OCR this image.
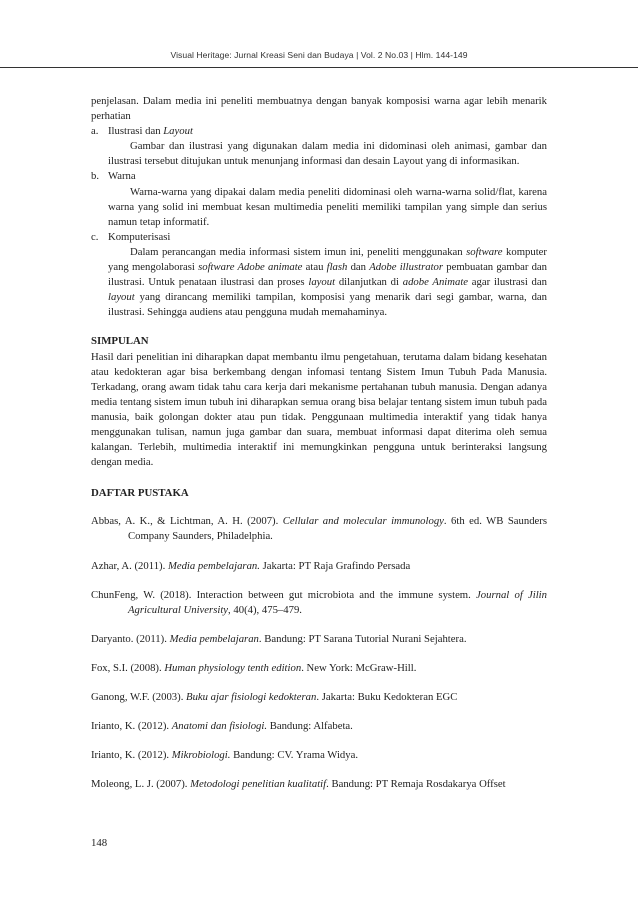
Visual Heritage: Jurnal Kreasi Seni dan Budaya | Vol. 2 No.03 | Hlm. 144-149

penjelasan. Dalam media ini peneliti membuatnya dengan banyak komposisi warna agar lebih menarik perhatian

a. Ilustrasi dan Layout

Gambar dan ilustrasi yang digunakan dalam media ini didominasi oleh animasi, gambar dan ilustrasi tersebut ditujukan untuk menunjang informasi dan desain Layout yang di informasikan.

b. Warna

Warna-warna yang dipakai dalam media peneliti didominasi oleh warna-warna solid/flat, karena warna yang solid ini membuat kesan multimedia peneliti memiliki tampilan yang simple dan serius namun tetap informatif.

c. Komputerisasi

Dalam perancangan media informasi sistem imun ini, peneliti menggunakan software komputer yang mengolaborasi software Adobe animate atau flash dan Adobe illustrator pembuatan gambar dan ilustrasi. Untuk penataan ilustrasi dan proses layout dilanjutkan di adobe Animate agar ilustrasi dan layout yang dirancang memiliki tampilan, komposisi yang menarik dari segi gambar, warna, dan ilustrasi. Sehingga audiens atau pengguna mudah memahaminya.

SIMPULAN

Hasil dari penelitian ini diharapkan dapat membantu ilmu pengetahuan, terutama dalam bidang kesehatan atau kedokteran agar bisa berkembang dengan infomasi tentang Sistem Imun Tubuh Pada Manusia. Terkadang, orang awam tidak tahu cara kerja dari mekanisme pertahanan tubuh manusia. Dengan adanya media tentang sistem imun tubuh ini diharapkan semua orang bisa belajar tentang sistem imun tubuh pada manusia, baik golongan dokter atau pun tidak. Penggunaan multimedia interaktif yang tidak hanya menggunakan tulisan, namun juga gambar dan suara, membuat informasi dapat diterima oleh semua kalangan. Terlebih, multimedia interaktif ini memungkinkan pengguna untuk berinteraksi langsung dengan media.

DAFTAR PUSTAKA

Abbas, A. K., & Lichtman, A. H. (2007). Cellular and molecular immunology. 6th ed. WB Saunders Company Saunders, Philadelphia.

Azhar, A. (2011). Media pembelajaran. Jakarta: PT Raja Grafindo Persada

ChunFeng, W. (2018). Interaction between gut microbiota and the immune system. Journal of Jilin Agricultural University, 40(4), 475–479.

Daryanto. (2011). Media pembelajaran. Bandung: PT Sarana Tutorial Nurani Sejahtera.

Fox, S.I. (2008). Human physiology tenth edition. New York: McGraw-Hill.

Ganong, W.F. (2003). Buku ajar fisiologi kedokteran. Jakarta: Buku Kedokteran EGC

Irianto, K. (2012). Anatomi dan fisiologi. Bandung: Alfabeta.

Irianto, K. (2012). Mikrobiologi. Bandung: CV. Yrama Widya.

Moleong, L. J. (2007). Metodologi penelitian kualitatif. Bandung: PT Remaja Rosdakarya Offset

148
